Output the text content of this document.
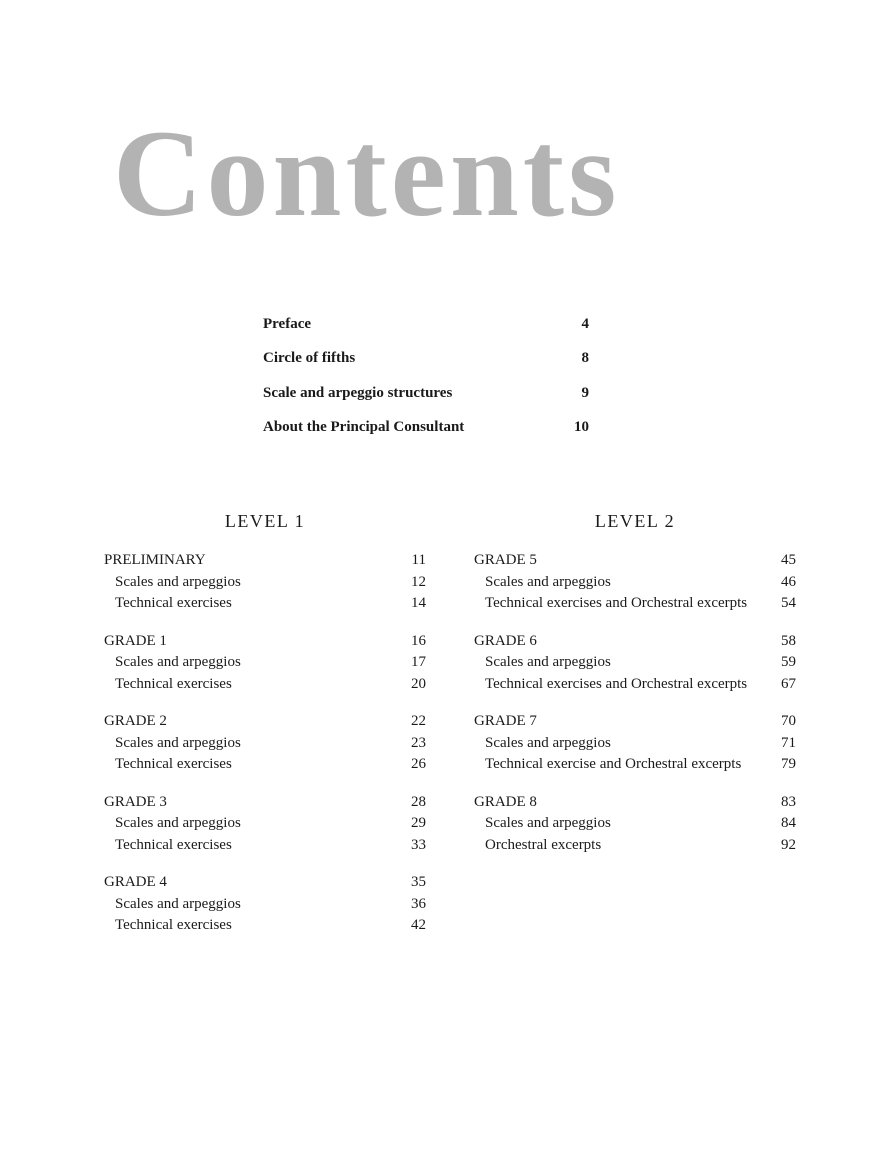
Contents
Preface	4
Circle of fifths	8
Scale and arpeggio structures	9
About the Principal Consultant	10
LEVEL 1	LEVEL 2
PRELIMINARY	11
Scales and arpeggios	12
Technical exercises	14
GRADE 1	16
Scales and arpeggios	17
Technical exercises	20
GRADE 2	22
Scales and arpeggios	23
Technical exercises	26
GRADE 3	28
Scales and arpeggios	29
Technical exercises	33
GRADE 4	35
Scales and arpeggios	36
Technical exercises	42
GRADE 5	45
Scales and arpeggios	46
Technical exercises and Orchestral excerpts 54
GRADE 6	58
Scales and arpeggios	59
Technical exercises and Orchestral excerpts 67
GRADE 7	70
Scales and arpeggios	71
Technical exercise and Orchestral excerpts	79
GRADE 8	83
Scales and arpeggios	84
Orchestral excerpts	92
